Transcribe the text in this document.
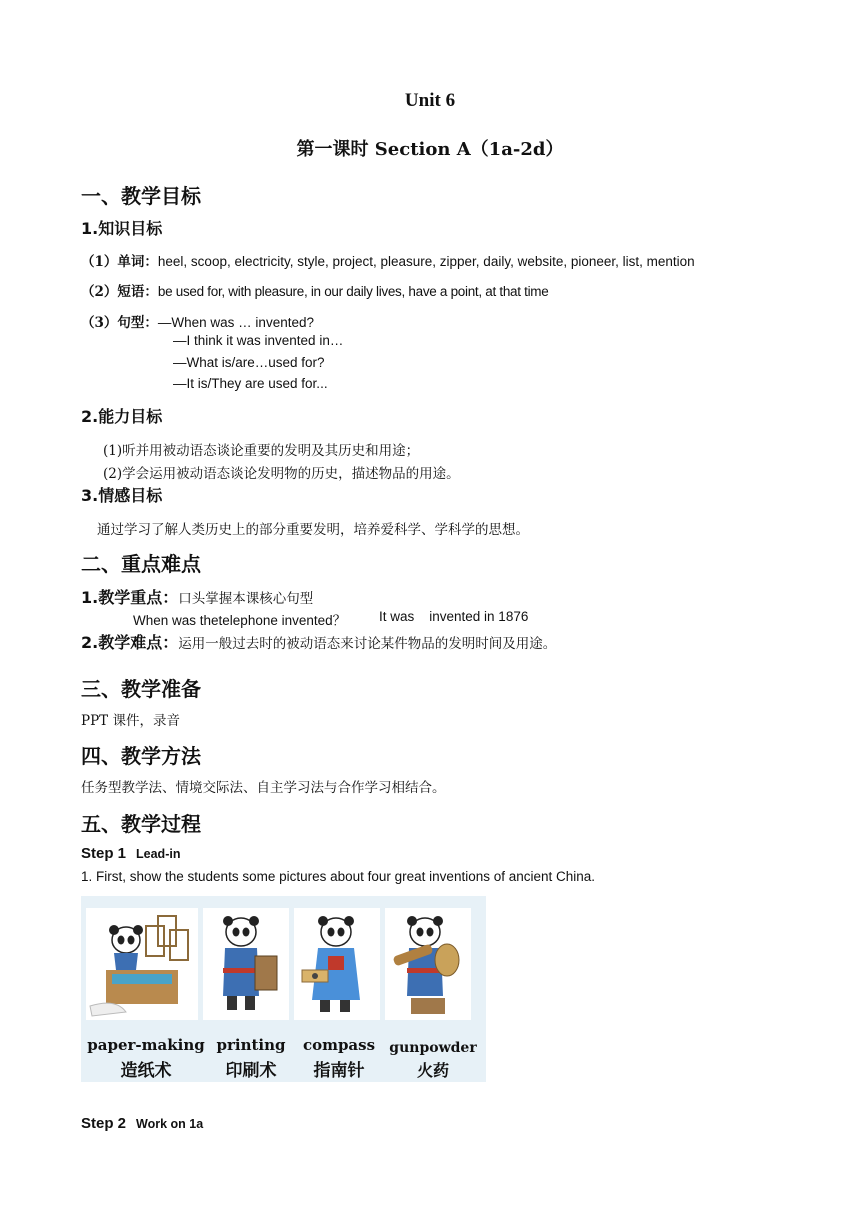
Unit 6
第一课时 Section A（1a-2d）
一、教学目标
1.知识目标
（1）单词：heel, scoop, electricity, style, project, pleasure, zipper, daily, website, pioneer, list, mention
（2）短语：be used for, with pleasure, in our daily lives, have a point, at that time
（3）句型：—When was … invented?
—I think it was invented in…
—What is/are…used for?
—It is/They are used for...
2.能力目标
(1)听并用被动语态谈论重要的发明及其历史和用途；
(2)学会运用被动语态谈论发明物的历史，描述物品的用途。
3.情感目标
通过学习了解人类历史上的部分重要发明，培养爱科学、学科学的思想。
二、重点难点
1.教学重点：口头掌握本课核心句型
When was thetelephone invented？ It was    invented in 1876
2.教学难点：运用一般过去时的被动语态来讨论某件物品的发明时间及用途。
三、教学准备
PPT 课件，录音
四、教学方法
任务型教学法、情境交际法、自主学习法与合作学习相结合。
五、教学过程
Step 1 Lead-in
1. First, show the students some pictures about four great inventions of ancient China.
paper-making printing	compass	gunpowder
造纸术	印刷术	指南针	火药
Step 2 Work on 1a
